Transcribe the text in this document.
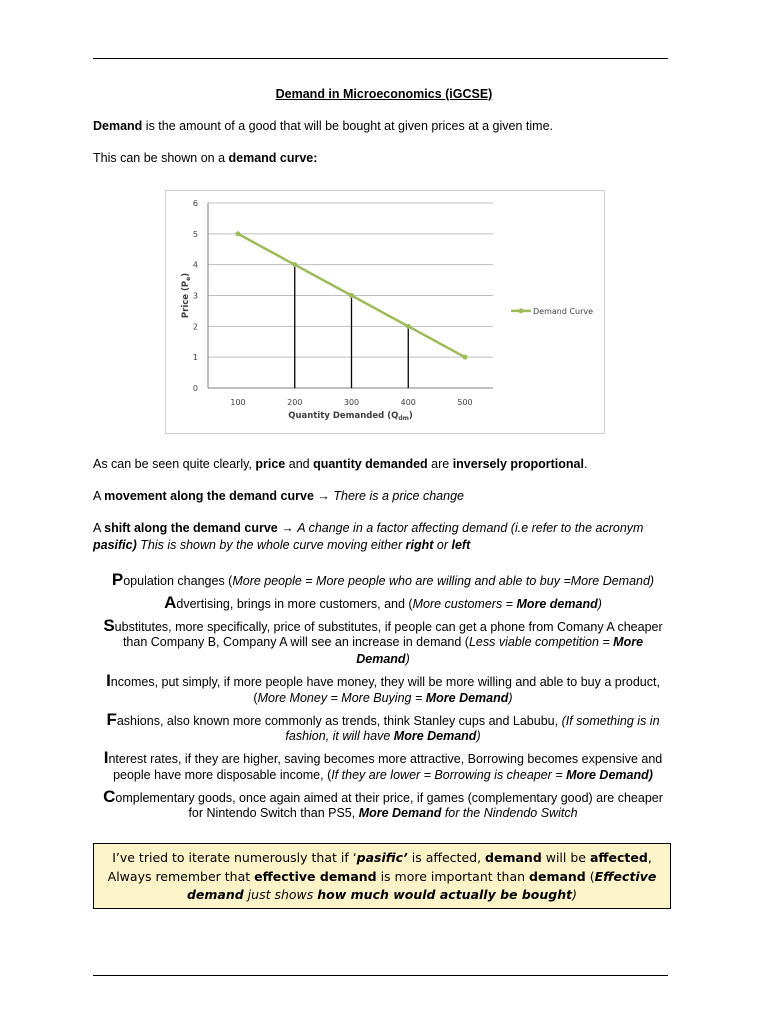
Demand in Microeconomics (iGCSE)
Demand is the amount of a good that will be bought at given prices at a given time.
This can be shown on a demand curve:
0
1
2
3
4
5
6
100	200	300	400	500
Quantity Demanded $(Q_{dm})$
Price $(P_e)$
Demand Curve
As can be seen quite clearly, price and quantity demanded are inversely proportional.
A movement along the demand curve → There is a price change
A shift along the demand curve → A change in a factor affecting demand (i.e refer to the acronym
pasific) This is shown by the whole curve moving either right or left
Population changes (More people = More people who are willing and able to buy =More Demand)
Advertising, brings in more customers, and (More customers = More demand)
Substitutes, more specifically, price of substitutes, if people can get a phone from Comany A cheaper
than Company B, Company A will see an increase in demand (Less viable competition = More
Demand)
Incomes, put simply, if more people have money, they will be more willing and able to buy a product,
(More Money = More Buying = More Demand)
Fashions, also known more commonly as trends, think Stanley cups and Labubu, (If something is in
fashion, it will have More Demand)
Interest rates, if they are higher, saving becomes more attractive, Borrowing becomes expensive and
people have more disposable income, (If they are lower = Borrowing is cheaper = More Demand)
Complementary goods, once again aimed at their price, if games (complementary good) are cheaper
for Nintendo Switch than PS5, More Demand for the Nindendo Switch
I’ve tried to iterate numerously that if ‘pasific’ is affected, demand will be affected,
Always remember that effective demand is more important than demand (Effective
demand just shows how much would actually be bought)
